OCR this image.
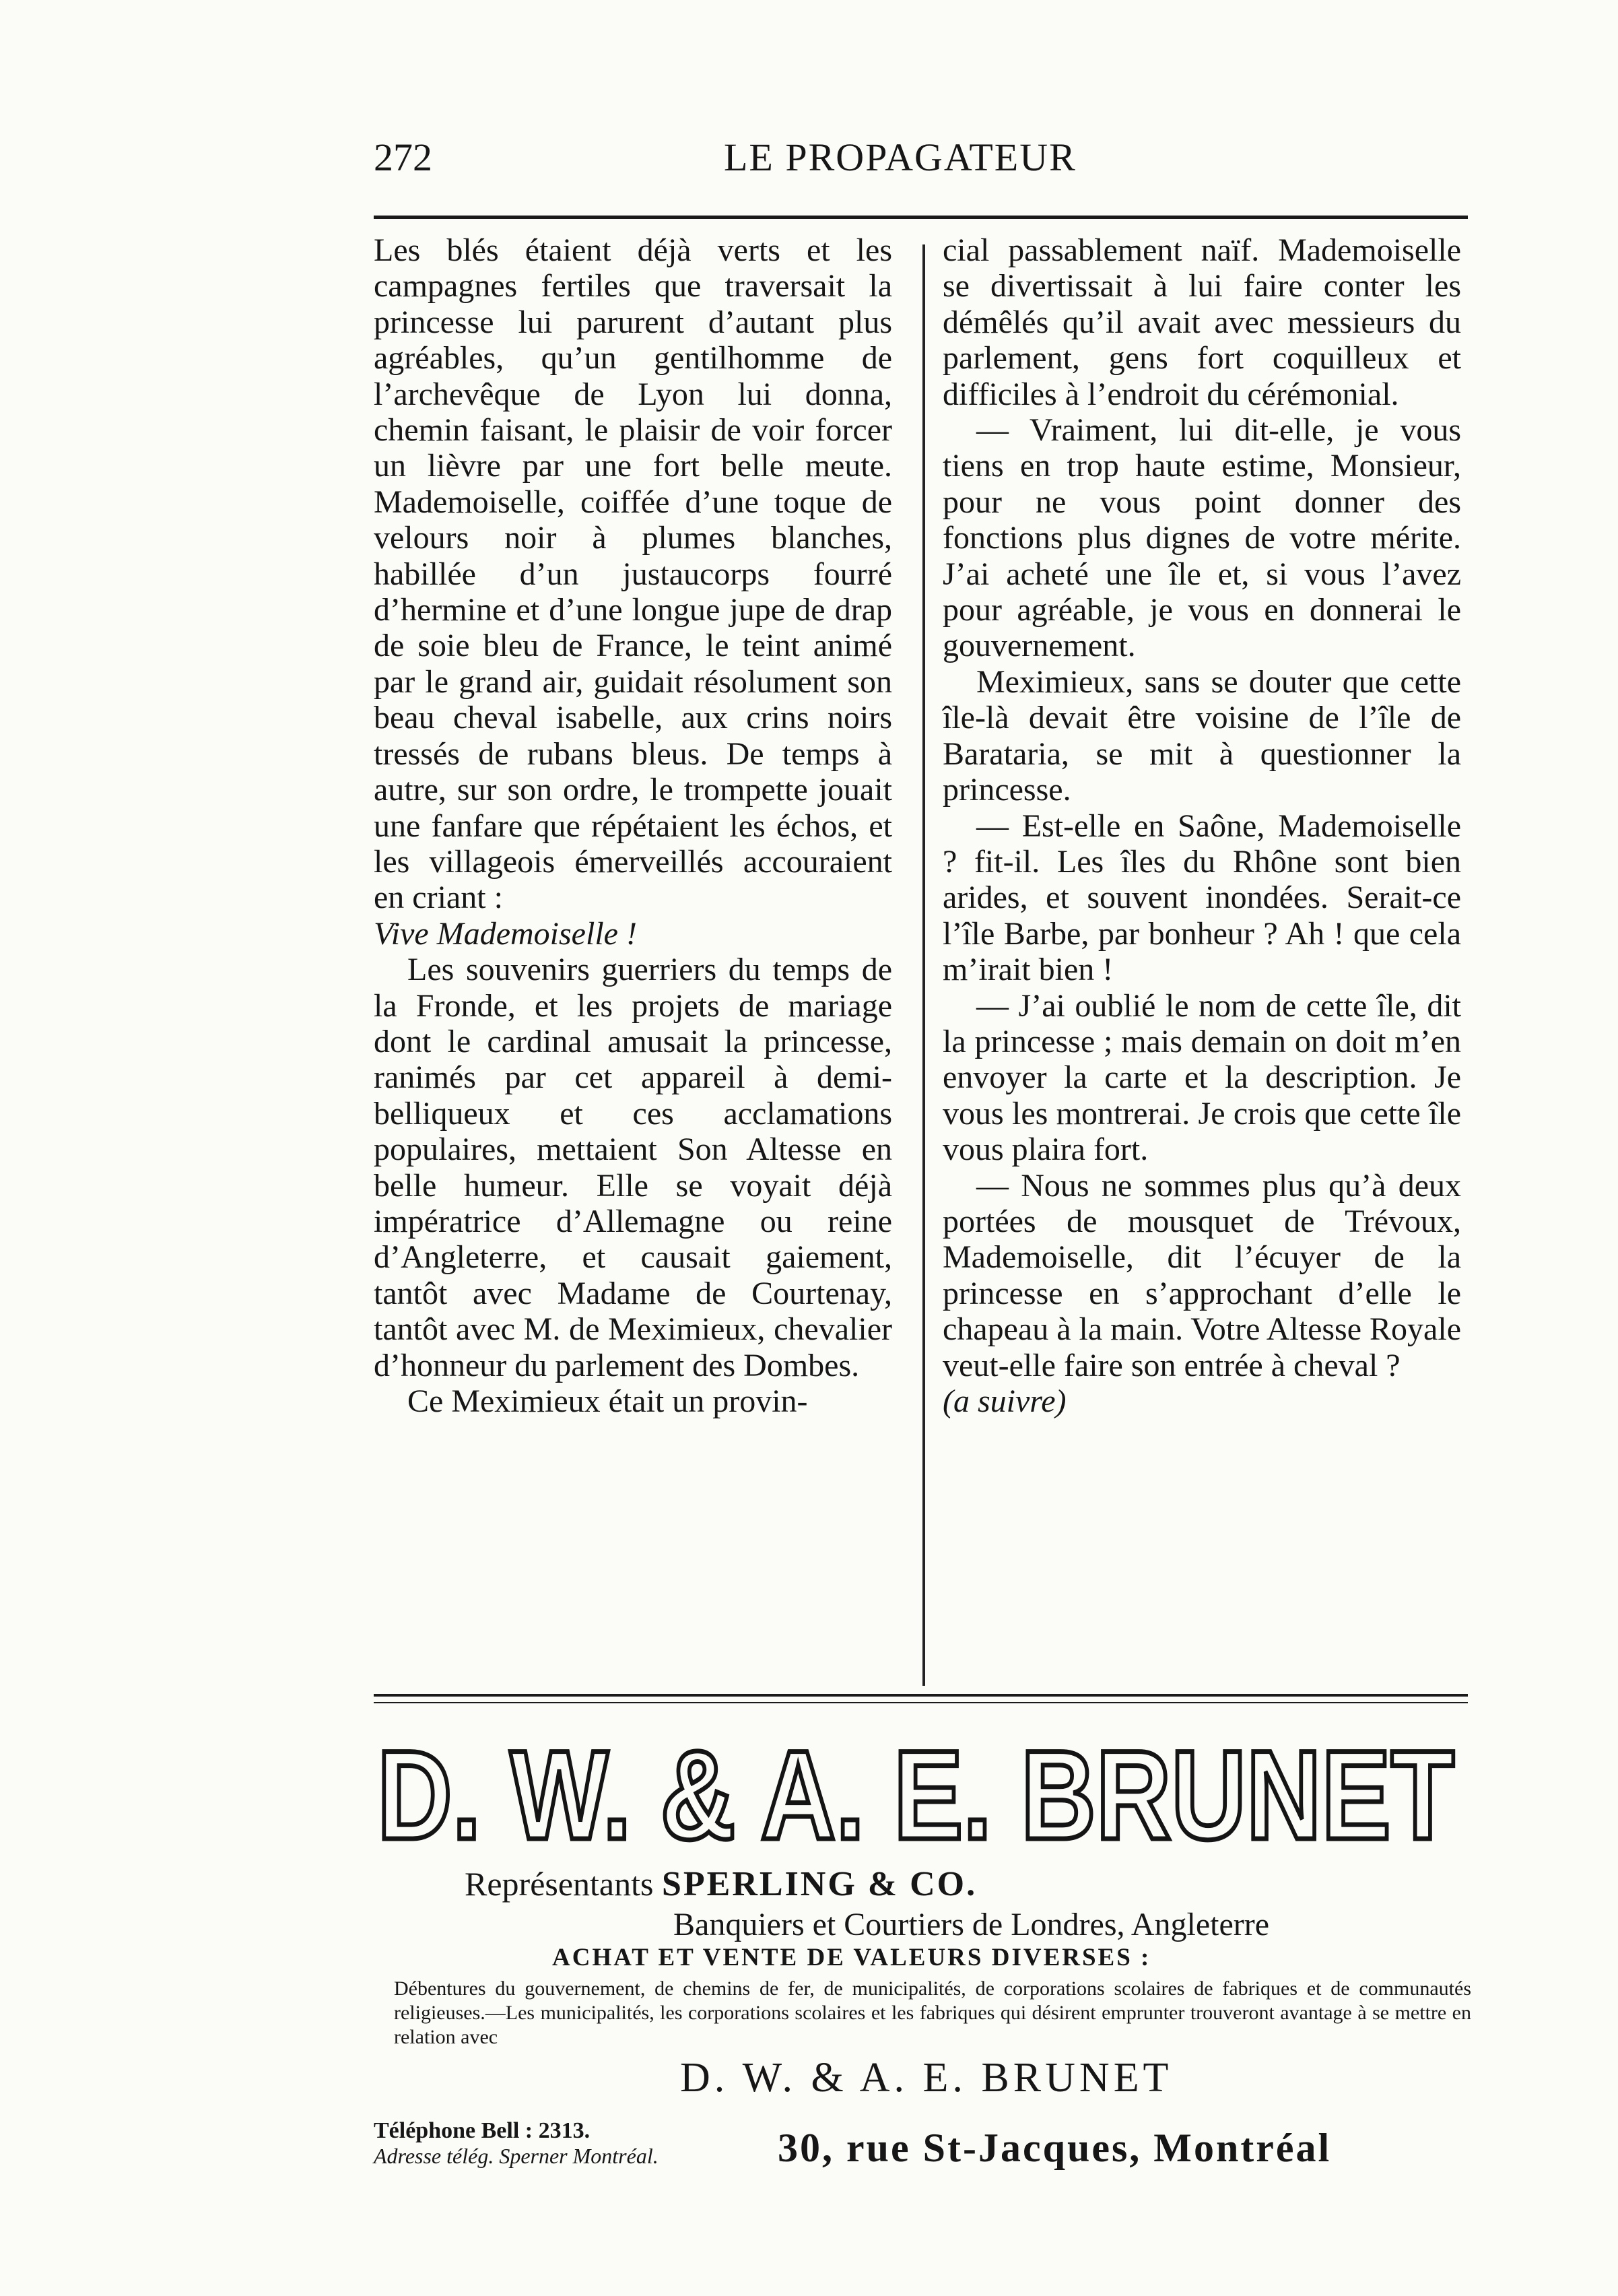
272	LE PROPAGATEUR

Les blés étaient déjà verts et les campagnes fertiles que traversait la princesse lui parurent d’autant plus agréables, qu’un gentilhomme de l’archevêque de Lyon lui donna, chemin faisant, le plaisir de voir forcer un lièvre par une fort belle meute. Mademoiselle, coiffée d’une toque de velours noir à plumes blanches, habillée d’un justaucorps fourré d’hermine et d’une longue jupe de drap de soie bleu de France, le teint animé par le grand air, guidait résolument son beau cheval isabelle, aux crins noirs tressés de rubans bleus. De temps à autre, sur son ordre, le trompette jouait une fanfare que répétaient les échos, et les villageois émerveillés accouraient en criant :

Vive Mademoiselle !

Les souvenirs guerriers du temps de la Fronde, et les projets de mariage dont le cardinal amusait la princesse, ranimés par cet appareil à demi-belliqueux et ces acclamations populaires, mettaient Son Altesse en belle humeur. Elle se voyait déjà impératrice d’Allemagne ou reine d’Angleterre, et causait gaiement, tantôt avec Madame de Courtenay, tantôt avec M. de Meximieux, chevalier d’honneur du parlement des Dombes.

Ce Meximieux était un provin-

cial passablement naïf. Mademoiselle se divertissait à lui faire conter les démêlés qu’il avait avec messieurs du parlement, gens fort coquilleux et difficiles à l’endroit du cérémonial.

— Vraiment, lui dit-elle, je vous tiens en trop haute estime, Monsieur, pour ne vous point donner des fonctions plus dignes de votre mérite. J’ai acheté une île et, si vous l’avez pour agréable, je vous en donnerai le gouvernement.

Meximieux, sans se douter que cette île-là devait être voisine de l’île de Barataria, se mit à questionner la princesse.

— Est-elle en Saône, Mademoiselle ? fit-il. Les îles du Rhône sont bien arides, et souvent inondées. Serait-ce l’île Barbe, par bonheur ? Ah ! que cela m’irait bien !

— J’ai oublié le nom de cette île, dit la princesse ; mais demain on doit m’en envoyer la carte et la description. Je vous les montrerai. Je crois que cette île vous plaira fort.

— Nous ne sommes plus qu’à deux portées de mousquet de Trévoux, Mademoiselle, dit l’écuyer de la princesse en s’approchant d’elle le chapeau à la main. Votre Altesse Royale veut-elle faire son entrée à cheval ?

(a suivre)

D. W. & A. E. BRUNET
Représentants SPERLING & CO.
Banquiers et Courtiers de Londres, Angleterre
ACHAT ET VENTE DE VALEURS DIVERSES :
Débentures du gouvernement, de chemins de fer, de municipalités, de corporations scolaires de fabriques et de communautés religieuses.—Les municipalités, les corporations scolaires et les fabriques qui désirent emprunter trouveront avantage à se mettre en relation avec
D. W. & A. E. BRUNET
Téléphone Bell : 2313.
Adresse télég. Sperner Montréal.	30, rue St-Jacques, Montréal
